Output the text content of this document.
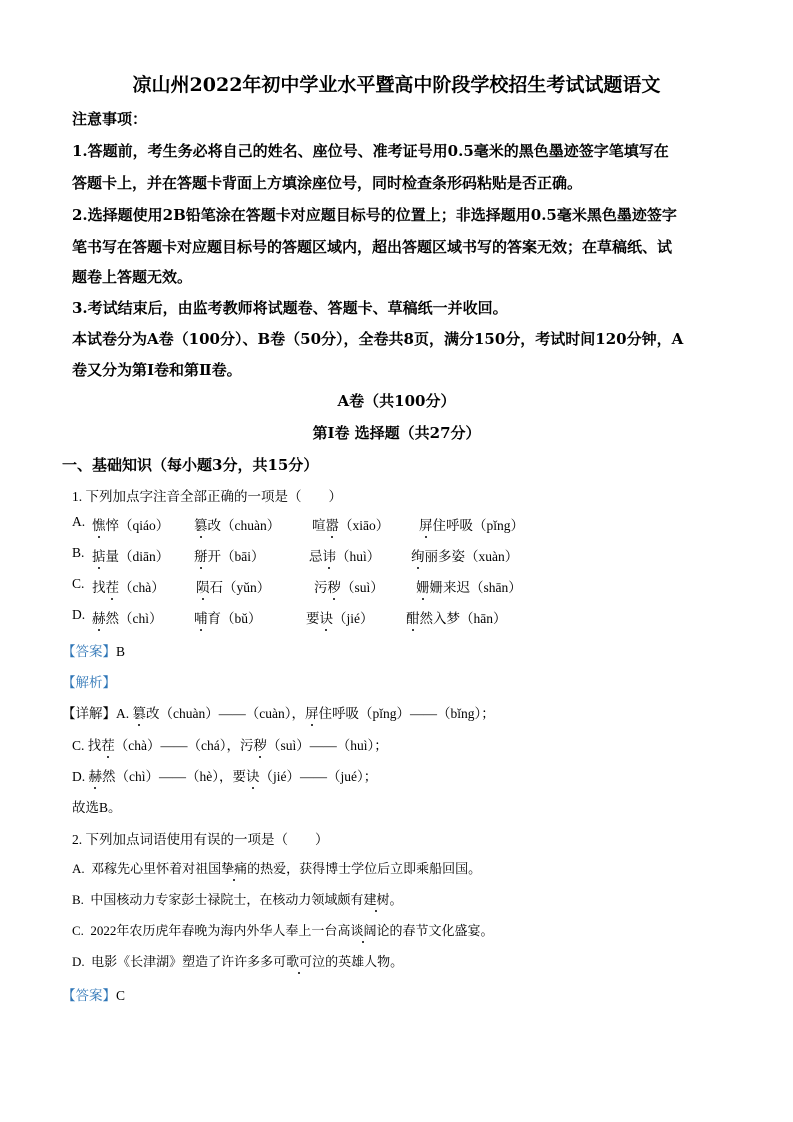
凉山州2022年初中学业水平暨高中阶段学校招生考试试题语文
注意事项：
1.答题前，考生务必将自己的姓名、座位号、准考证号用0.5毫米的黑色墨迹签字笔填写在
答题卡上，并在答题卡背面上方填涂座位号，同时检查条形码粘贴是否正确。
2.选择题使用2B铅笔涂在答题卡对应题目标号的位置上；非选择题用0.5毫米黑色墨迹签字
笔书写在答题卡对应题目标号的答题区域内，超出答题区域书写的答案无效；在草稿纸、试
题卷上答题无效。
3.考试结束后，由监考教师将试题卷、答题卡、草稿纸一并收回。
本试卷分为A卷（100分）、B卷（50分），全卷共8页，满分150分，考试时间120分钟，A
卷又分为第Ⅰ卷和第Ⅱ卷。
A卷（共100分）
第Ⅰ卷 选择题（共27分）
一、基础知识（每小题3分，共15分）
1. 下列加点字注音全部正确的一项是（　　）
A. 憔悴（qiáo） 篡改（chuàn） 喧嚣（xiāo） 屏住呼吸（pǐng）
B. 掂量（diān） 掰开（bāi）	忌讳（huì） 绚丽多姿（xuàn）
C. 找茬（chà） 陨石（yǔn）	污秽（suì） 姗姗来迟（shān）
D. 赫然（chì） 哺育（bǔ）	要诀（jié） 酣然入梦（hān）
【答案】B
【解析】
【详解】A. 篡改（chuàn）——（cuàn），屏住呼吸（pǐng）——（bǐng）；
C. 找茬（chà）——（chá），污秽（suì）——（huì）；
D. 赫然（chì）——（hè），要诀（jié）——（jué）；
故选B。
2. 下列加点词语使用有误的一项是（　　）
A. 邓稼先心里怀着对祖国挚痛的热爱，获得博士学位后立即乘船回国。
B. 中国核动力专家彭士禄院士，在核动力领域颇有建树。
C. 2022年农历虎年春晚为海内外华人奉上一台高谈阔论的春节文化盛宴。
D. 电影《长津湖》塑造了许许多多可歌可泣的英雄人物。
【答案】C
